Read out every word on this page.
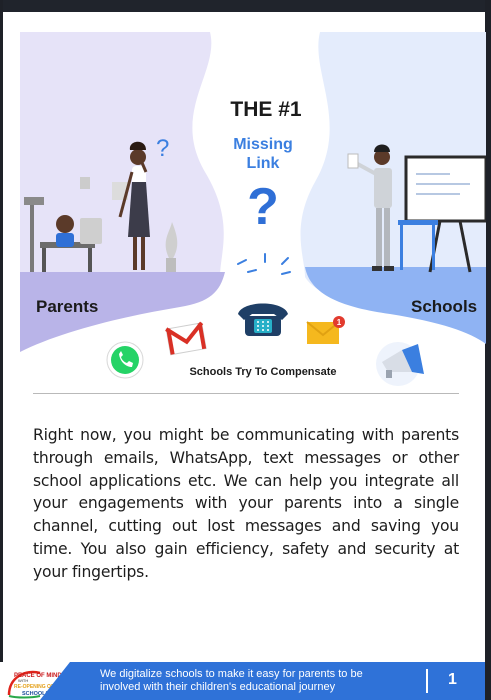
THE #1
Missing
Link
?
?
Parents	Schools
1
Schools Try To Compensate

Right now, you might be communicating with parents through emails, WhatsApp, text messages or other school applications etc. We can help you integrate all your engagements with your parents into a single channel, cutting out lost messages and saving you time. You also gain efficiency, safety and security at your fingertips.

PEACE OF MIND
WITH
RE-OPENING OF
SCHOOLS

We digitalize schools to make it easy for parents to be involved with their children's educational journey	1
